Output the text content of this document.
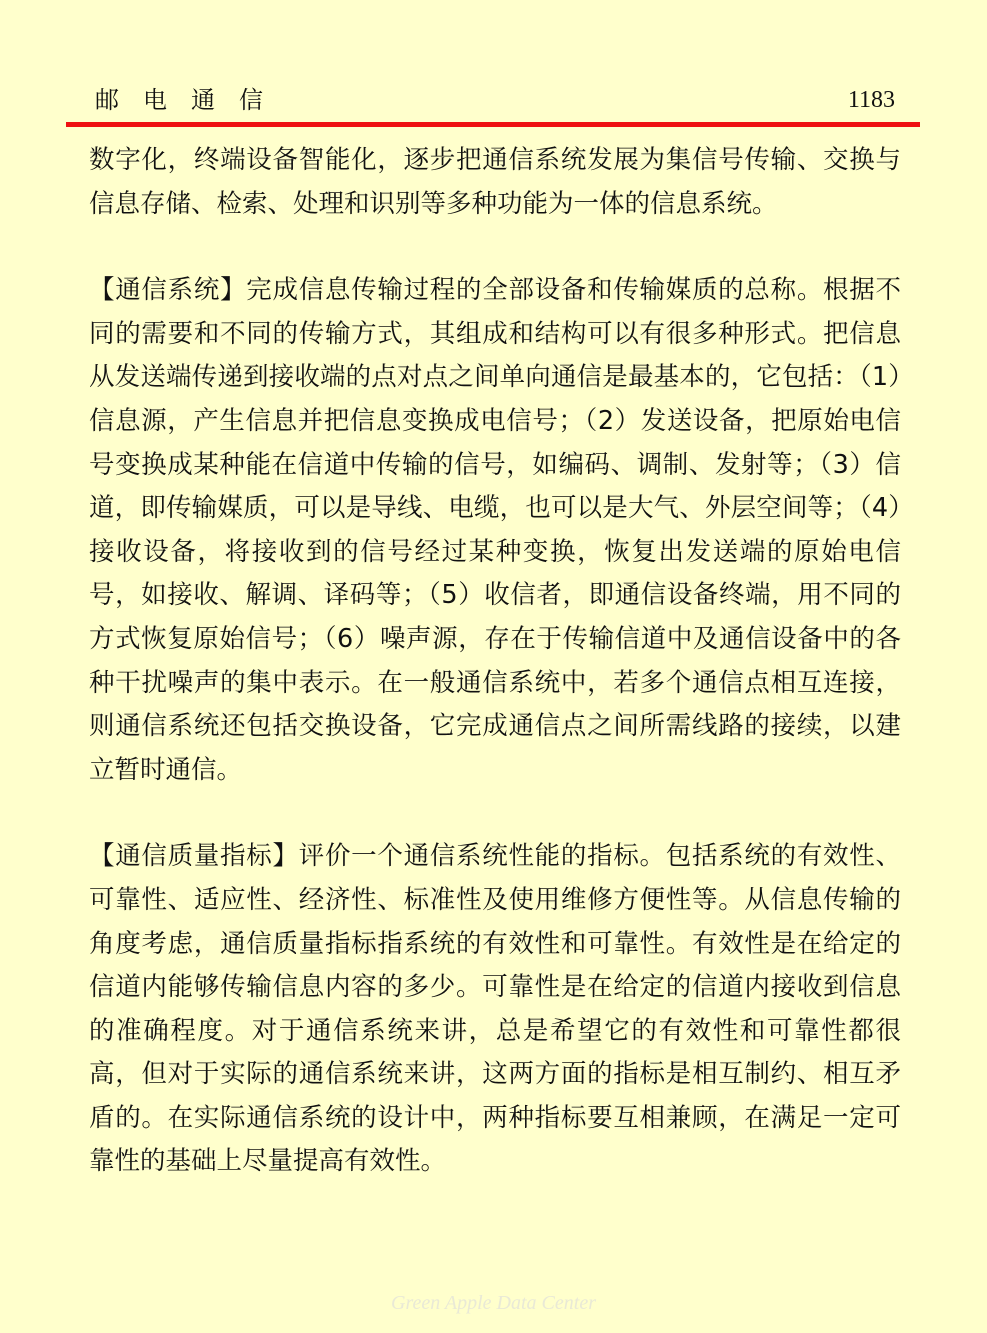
邮电通信	1183

数字化，终端设备智能化，逐步把通信系统发展为集信号传输、交换与信息存储、检索、处理和识别等多种功能为一体的信息系统。

【通信系统】完成信息传输过程的全部设备和传输媒质的总称。根据不同的需要和不同的传输方式，其组成和结构可以有很多种形式。把信息从发送端传递到接收端的点对点之间单向通信是最基本的，它包括：（1）信息源，产生信息并把信息变换成电信号；（2）发送设备，把原始电信号变换成某种能在信道中传输的信号，如编码、调制、发射等；（3）信道，即传输媒质，可以是导线、电缆，也可以是大气、外层空间等；（4）接收设备，将接收到的信号经过某种变换，恢复出发送端的原始电信号，如接收、解调、译码等；（5）收信者，即通信设备终端，用不同的方式恢复原始信号；（6）噪声源，存在于传输信道中及通信设备中的各种干扰噪声的集中表示。在一般通信系统中，若多个通信点相互连接，则通信系统还包括交换设备，它完成通信点之间所需线路的接续，以建立暂时通信。

【通信质量指标】评价一个通信系统性能的指标。包括系统的有效性、可靠性、适应性、经济性、标准性及使用维修方便性等。从信息传输的角度考虑，通信质量指标指系统的有效性和可靠性。有效性是在给定的信道内能够传输信息内容的多少。可靠性是在给定的信道内接收到信息的准确程度。对于通信系统来讲，总是希望它的有效性和可靠性都很高，但对于实际的通信系统来讲，这两方面的指标是相互制约、相互矛盾的。在实际通信系统的设计中，两种指标要互相兼顾，在满足一定可靠性的基础上尽量提高有效性。

Green Apple Data Center
